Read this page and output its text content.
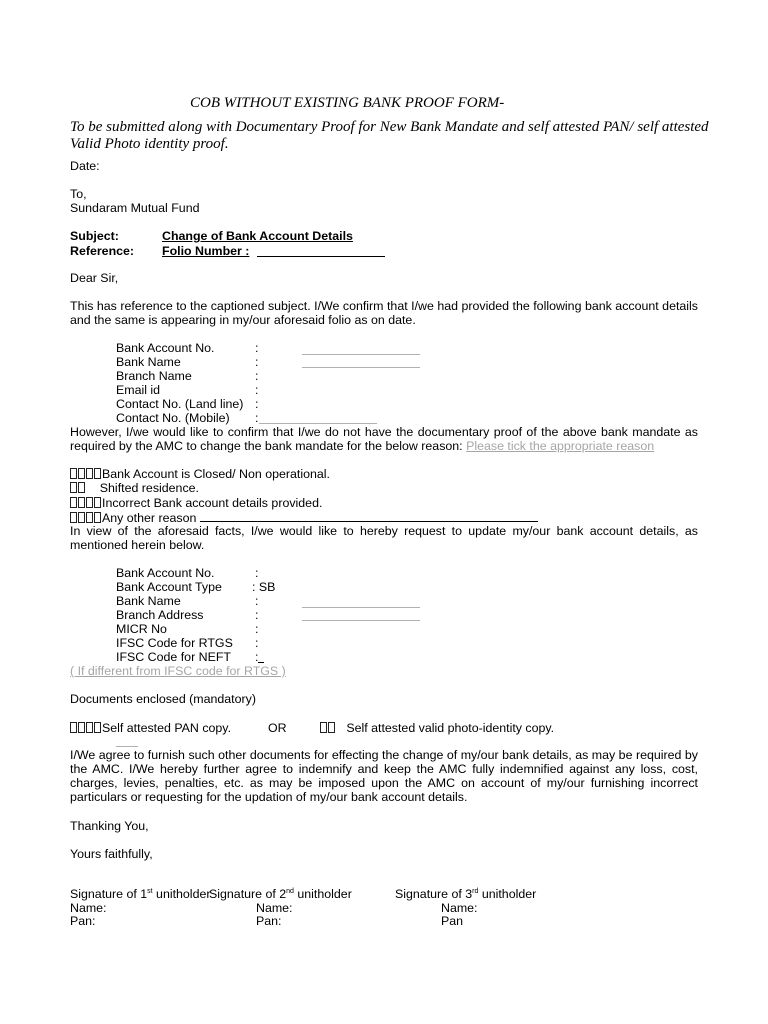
COB WITHOUT EXISTING BANK PROOF FORM-
To be submitted along with Documentary Proof for New Bank Mandate and self attested PAN/ self attested Valid Photo identity proof.
Date:
To,
Sundaram Mutual Fund
Subject:	Change of Bank Account Details
Reference: Folio Number :
Dear Sir,
This has reference to the captioned subject. I/We confirm that I/we had provided the following bank account details and the same is appearing in my/our aforesaid folio as on date.
Bank Account No.	:
Bank Name	:
Branch Name	:
Email id	:
Contact No. (Land line) :
Contact No. (Mobile) :
However, I/we would like to confirm that I/we do not have the documentary proof of the above bank mandate as required by the AMC to change the bank mandate for the below reason: Please tick the appropriate reason
Bank Account is Closed/ Non operational.
Shifted residence.
Incorrect Bank account details provided.
Any other reason
In view of the aforesaid facts, I/we would like to hereby request to update my/our bank account details, as mentioned herein below.
Bank Account No.	:
Bank Account Type : SB
Bank Name	:
Branch Address	:
MICR No	:
IFSC Code for RTGS :
IFSC Code for NEFT :
( If different from IFSC code for RTGS )
Documents enclosed (mandatory)
Self attested PAN copy.	OR	Self attested valid photo-identity copy.
I/We agree to furnish such other documents for effecting the change of my/our bank details, as may be required by the AMC. I/We hereby further agree to indemnify and keep the AMC fully indemnified against any loss, cost, charges, levies, penalties, etc. as may be imposed upon the AMC on account of my/our furnishing incorrect particulars or requesting for the updation of my/our bank account details.
Thanking You,
Yours faithfully,
Signature of 1st unitholder
Name:
Pan:
Signature of 2nd unitholder
Name:
Pan:
Signature of 3rd unitholder
Name:
Pan
